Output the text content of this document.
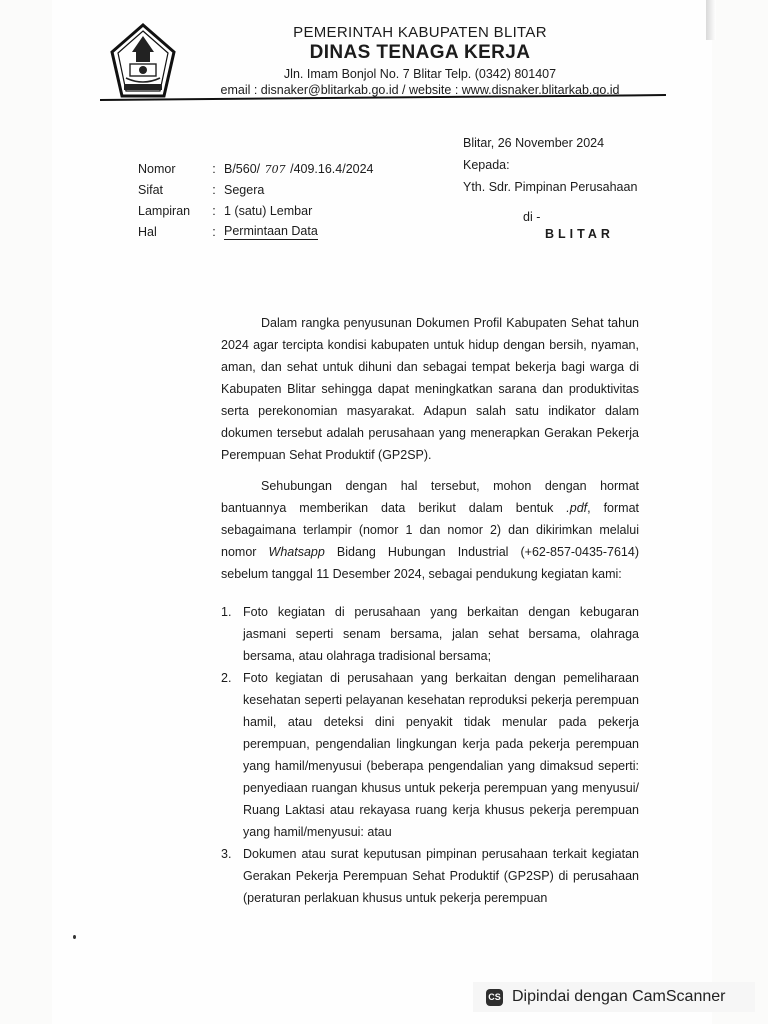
PEMERINTAH KABUPATEN BLITAR
DINAS TENAGA KERJA
Jln. Imam Bonjol No. 7 Blitar Telp. (0342) 801407
email : disnaker@blitarkab.go.id / website : www.disnaker.blitarkab.go.id
Blitar, 26 November 2024
Kepada:
Yth. Sdr. Pimpinan Perusahaan
di -
BLITAR
Nomor	: B/560/ 707 /409.16.4/2024
Sifat	: Segera
Lampiran	: 1 (satu) Lembar
Hal	: Permintaan Data

Dalam rangka penyusunan Dokumen Profil Kabupaten Sehat tahun 2024 agar tercipta kondisi kabupaten untuk hidup dengan bersih, nyaman, aman, dan sehat untuk dihuni dan sebagai tempat bekerja bagi warga di Kabupaten Blitar sehingga dapat meningkatkan sarana dan produktivitas serta perekonomian masyarakat. Adapun salah satu indikator dalam dokumen tersebut adalah perusahaan yang menerapkan Gerakan Pekerja Perempuan Sehat Produktif (GP2SP).

Sehubungan dengan hal tersebut, mohon dengan hormat bantuannya memberikan data berikut dalam bentuk .pdf, format sebagaimana terlampir (nomor 1 dan nomor 2) dan dikirimkan melalui nomor Whatsapp Bidang Hubungan Industrial (+62-857-0435-7614) sebelum tanggal 11 Desember 2024, sebagai pendukung kegiatan kami:

1. Foto kegiatan di perusahaan yang berkaitan dengan kebugaran jasmani seperti senam bersama, jalan sehat bersama, olahraga bersama, atau olahraga tradisional bersama;
2. Foto kegiatan di perusahaan yang berkaitan dengan pemeliharaan kesehatan seperti pelayanan kesehatan reproduksi pekerja perempuan hamil, atau deteksi dini penyakit tidak menular pada pekerja perempuan, pengendalian lingkungan kerja pada pekerja perempuan yang hamil/menyusui (beberapa pengendalian yang dimaksud seperti: penyediaan ruangan khusus untuk pekerja perempuan yang menyusui/ Ruang Laktasi atau rekayasa ruang kerja khusus pekerja perempuan yang hamil/menyusui: atau
3. Dokumen atau surat keputusan pimpinan perusahaan terkait kegiatan Gerakan Pekerja Perempuan Sehat Produktif (GP2SP) di perusahaan (peraturan perlakuan khusus untuk pekerja perempuan
CS Dipindai dengan CamScanner
